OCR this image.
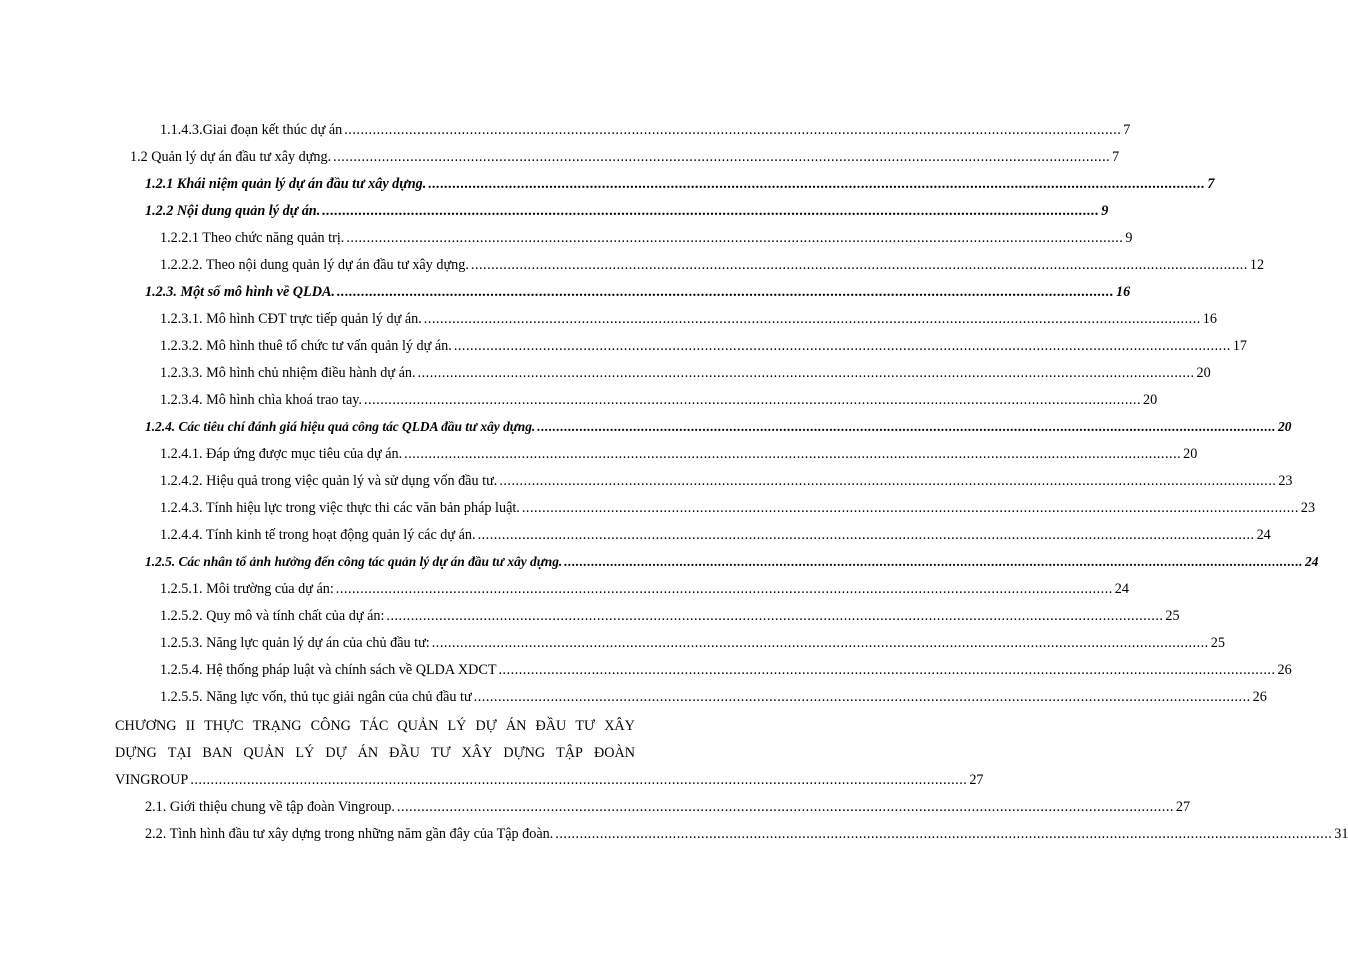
1.1.4.3.Giai đoạn kết thúc dự án ................................................................................................................................................................................................ 7
1.2 Quản lý dự án đầu tư xây dựng. ................................................................................................................................................................................................ 7
1.2.1 Khái niệm quản lý dự án đầu tư xây dựng. ................................................................................................................................................................................................ 7
1.2.2 Nội dung quản lý dự án. ................................................................................................................................................................................................ 9
1.2.2.1 Theo chức năng quản trị. ................................................................................................................................................................................................ 9
1.2.2.2. Theo nội dung quản lý dự án đầu tư xây dựng. ................................................................................................................................................................................................ 12
1.2.3. Một số mô hình về QLDA. ................................................................................................................................................................................................ 16
1.2.3.1. Mô hình CĐT trực tiếp quản lý dự án. ................................................................................................................................................................................................ 16
1.2.3.2. Mô hình thuê tổ chức tư vấn quản lý dự án. ................................................................................................................................................................................................ 17
1.2.3.3. Mô hình chủ nhiệm điều hành dự án. ................................................................................................................................................................................................ 20
1.2.3.4. Mô hình chìa khoá trao tay. ................................................................................................................................................................................................ 20
1.2.4. Các tiêu chí đánh giá hiệu quả công tác QLDA đầu tư xây dựng. ................................................................................................................................................................................................ 20
1.2.4.1. Đáp ứng được mục tiêu của dự án. ................................................................................................................................................................................................ 20
1.2.4.2. Hiệu quả trong việc quản lý và sử dụng vốn đầu tư. ................................................................................................................................................................................................ 23
1.2.4.3. Tính hiệu lực trong việc thực thi các văn bản pháp luật. ................................................................................................................................................................................................ 23
1.2.4.4. Tính kinh tế trong hoạt động quản lý các dự án. ................................................................................................................................................................................................ 24
1.2.5. Các nhân tố ảnh hưởng đến công tác quản lý dự án đầu tư xây dựng. ................................................................................................................................................................................................ 24
1.2.5.1. Môi trường của dự án: ................................................................................................................................................................................................ 24
1.2.5.2. Quy mô và tính chất của dự án: ................................................................................................................................................................................................ 25
1.2.5.3. Năng lực quản lý dự án của chủ đầu tư: ................................................................................................................................................................................................ 25
1.2.5.4. Hệ thống pháp luật và chính sách về QLDA XDCT ................................................................................................................................................................................................ 26
1.2.5.5. Năng lực vốn, thủ tục giải ngân của chủ đầu tư ................................................................................................................................................................................................ 26
CHƯƠNG II THỰC TRẠNG CÔNG TÁC QUẢN LÝ DỰ ÁN ĐẦU TƯ XÂY
DỰNG TẠI BAN QUẢN LÝ DỰ ÁN ĐẦU TƯ XÂY DỰNG TẬP ĐOÀN
VINGROUP ................................................................................................................................................................................................ 27
2.1. Giới thiệu chung về tập đoàn Vingroup. ................................................................................................................................................................................................ 27
2.2. Tình hình đầu tư xây dựng trong những năm gần đây của Tập đoàn. ................................................................................................................................................................................................ 31
